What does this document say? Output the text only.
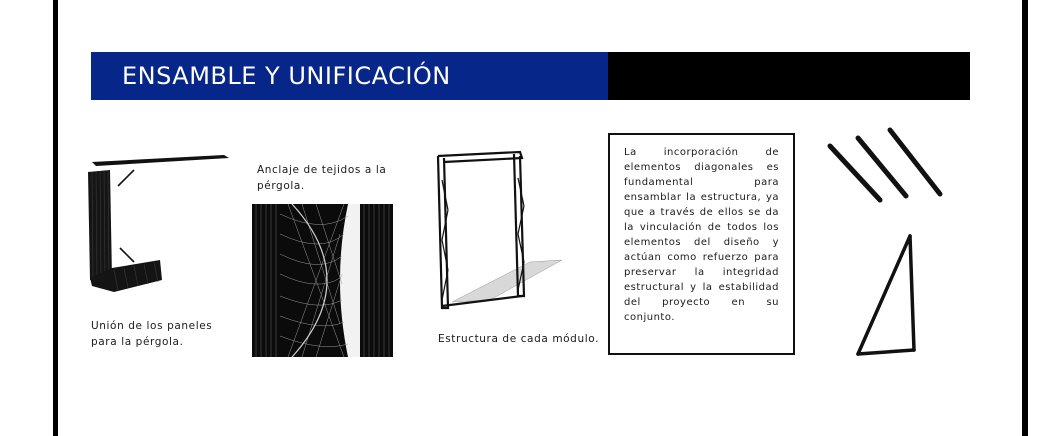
ENSAMBLE Y UNIFICACIÓN
Unión de los paneles para la pérgola.
Anclaje de tejidos a la pérgola.
Estructura de cada módulo.
La incorporación de elementos diagonales es fundamental para ensamblar la estructura, ya que a través de ellos se da la vinculación de todos los elementos del diseño y actúan como refuerzo para preservar la integridad estructural y la estabilidad del proyecto en su conjunto.
